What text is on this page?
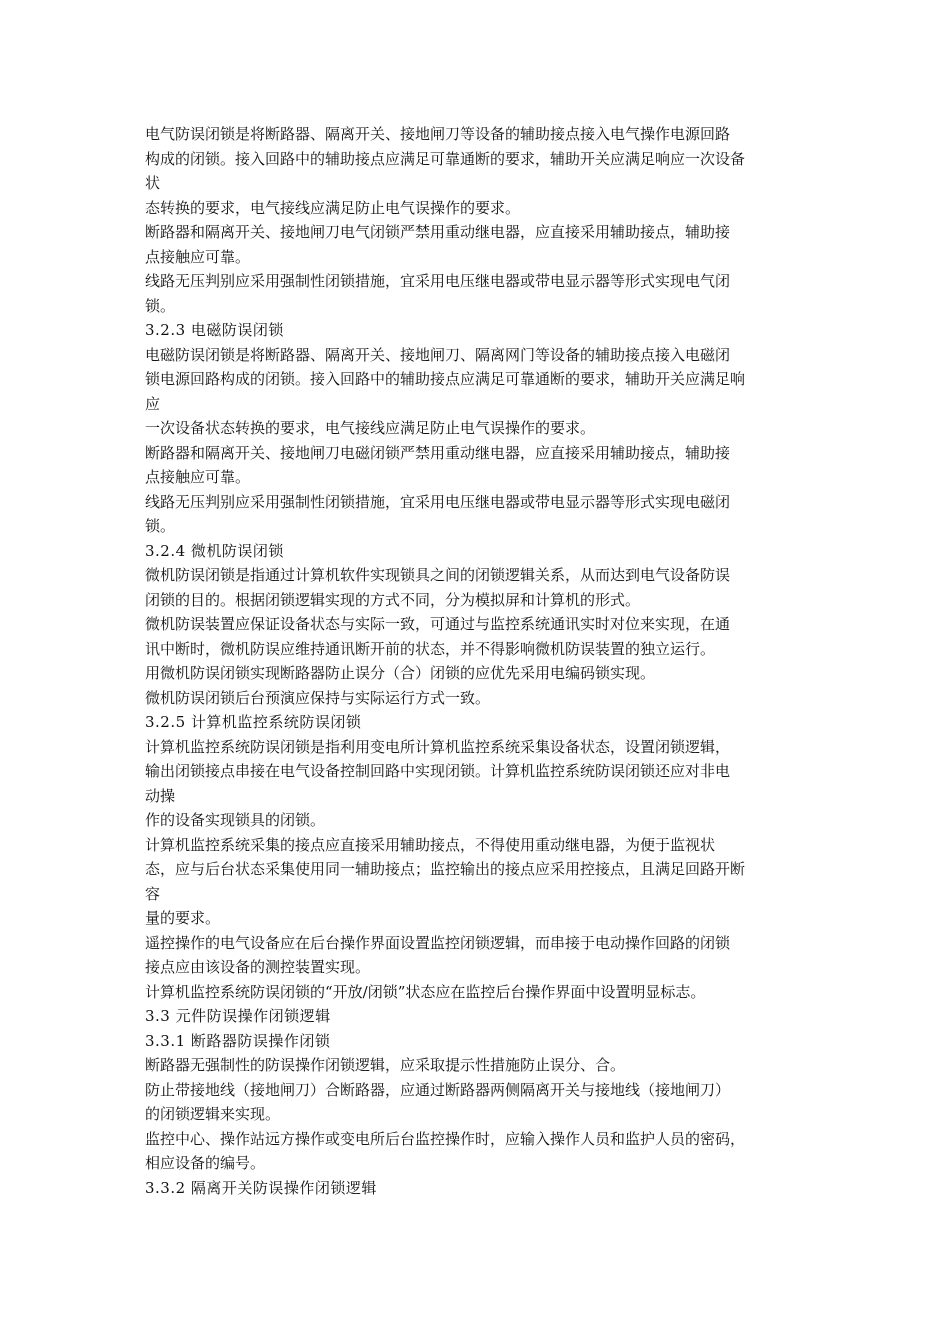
电气防误闭锁是将断路器、隔离开关、接地闸刀等设备的辅助接点接入电气操作电源回路
构成的闭锁。接入回路中的辅助接点应满足可靠通断的要求，辅助开关应满足响应一次设备
状
态转换的要求，电气接线应满足防止电气误操作的要求。
断路器和隔离开关、接地闸刀电气闭锁严禁用重动继电器，应直接采用辅助接点，辅助接
点接触应可靠。
线路无压判别应采用强制性闭锁措施，宜采用电压继电器或带电显示器等形式实现电气闭
锁。
3.2.3 电磁防误闭锁
电磁防误闭锁是将断路器、隔离开关、接地闸刀、隔离网门等设备的辅助接点接入电磁闭
锁电源回路构成的闭锁。接入回路中的辅助接点应满足可靠通断的要求，辅助开关应满足响
应
一次设备状态转换的要求，电气接线应满足防止电气误操作的要求。
断路器和隔离开关、接地闸刀电磁闭锁严禁用重动继电器，应直接采用辅助接点，辅助接
点接触应可靠。
线路无压判别应采用强制性闭锁措施，宜采用电压继电器或带电显示器等形式实现电磁闭
锁。
3.2.4 微机防误闭锁
微机防误闭锁是指通过计算机软件实现锁具之间的闭锁逻辑关系，从而达到电气设备防误
闭锁的目的。根据闭锁逻辑实现的方式不同，分为模拟屏和计算机的形式。
微机防误装置应保证设备状态与实际一致，可通过与监控系统通讯实时对位来实现，在通
讯中断时，微机防误应维持通讯断开前的状态，并不得影响微机防误装置的独立运行。
用微机防误闭锁实现断路器防止误分（合）闭锁的应优先采用电编码锁实现。
微机防误闭锁后台预演应保持与实际运行方式一致。
3.2.5 计算机监控系统防误闭锁
计算机监控系统防误闭锁是指利用变电所计算机监控系统采集设备状态，设置闭锁逻辑，
输出闭锁接点串接在电气设备控制回路中实现闭锁。计算机监控系统防误闭锁还应对非电
动操
作的设备实现锁具的闭锁。
计算机监控系统采集的接点应直接采用辅助接点，不得使用重动继电器，为便于监视状
态，应与后台状态采集使用同一辅助接点；监控输出的接点应采用控接点，且满足回路开断
容
量的要求。
遥控操作的电气设备应在后台操作界面设置监控闭锁逻辑，而串接于电动操作回路的闭锁
接点应由该设备的测控装置实现。
计算机监控系统防误闭锁的“开放/闭锁”状态应在监控后台操作界面中设置明显标志。
3.3 元件防误操作闭锁逻辑
3.3.1 断路器防误操作闭锁
断路器无强制性的防误操作闭锁逻辑，应采取提示性措施防止误分、合。
防止带接地线（接地闸刀）合断路器，应通过断路器两侧隔离开关与接地线（接地闸刀）
的闭锁逻辑来实现。
监控中心、操作站远方操作或变电所后台监控操作时，应输入操作人员和监护人员的密码，
相应设备的编号。
3.3.2 隔离开关防误操作闭锁逻辑
